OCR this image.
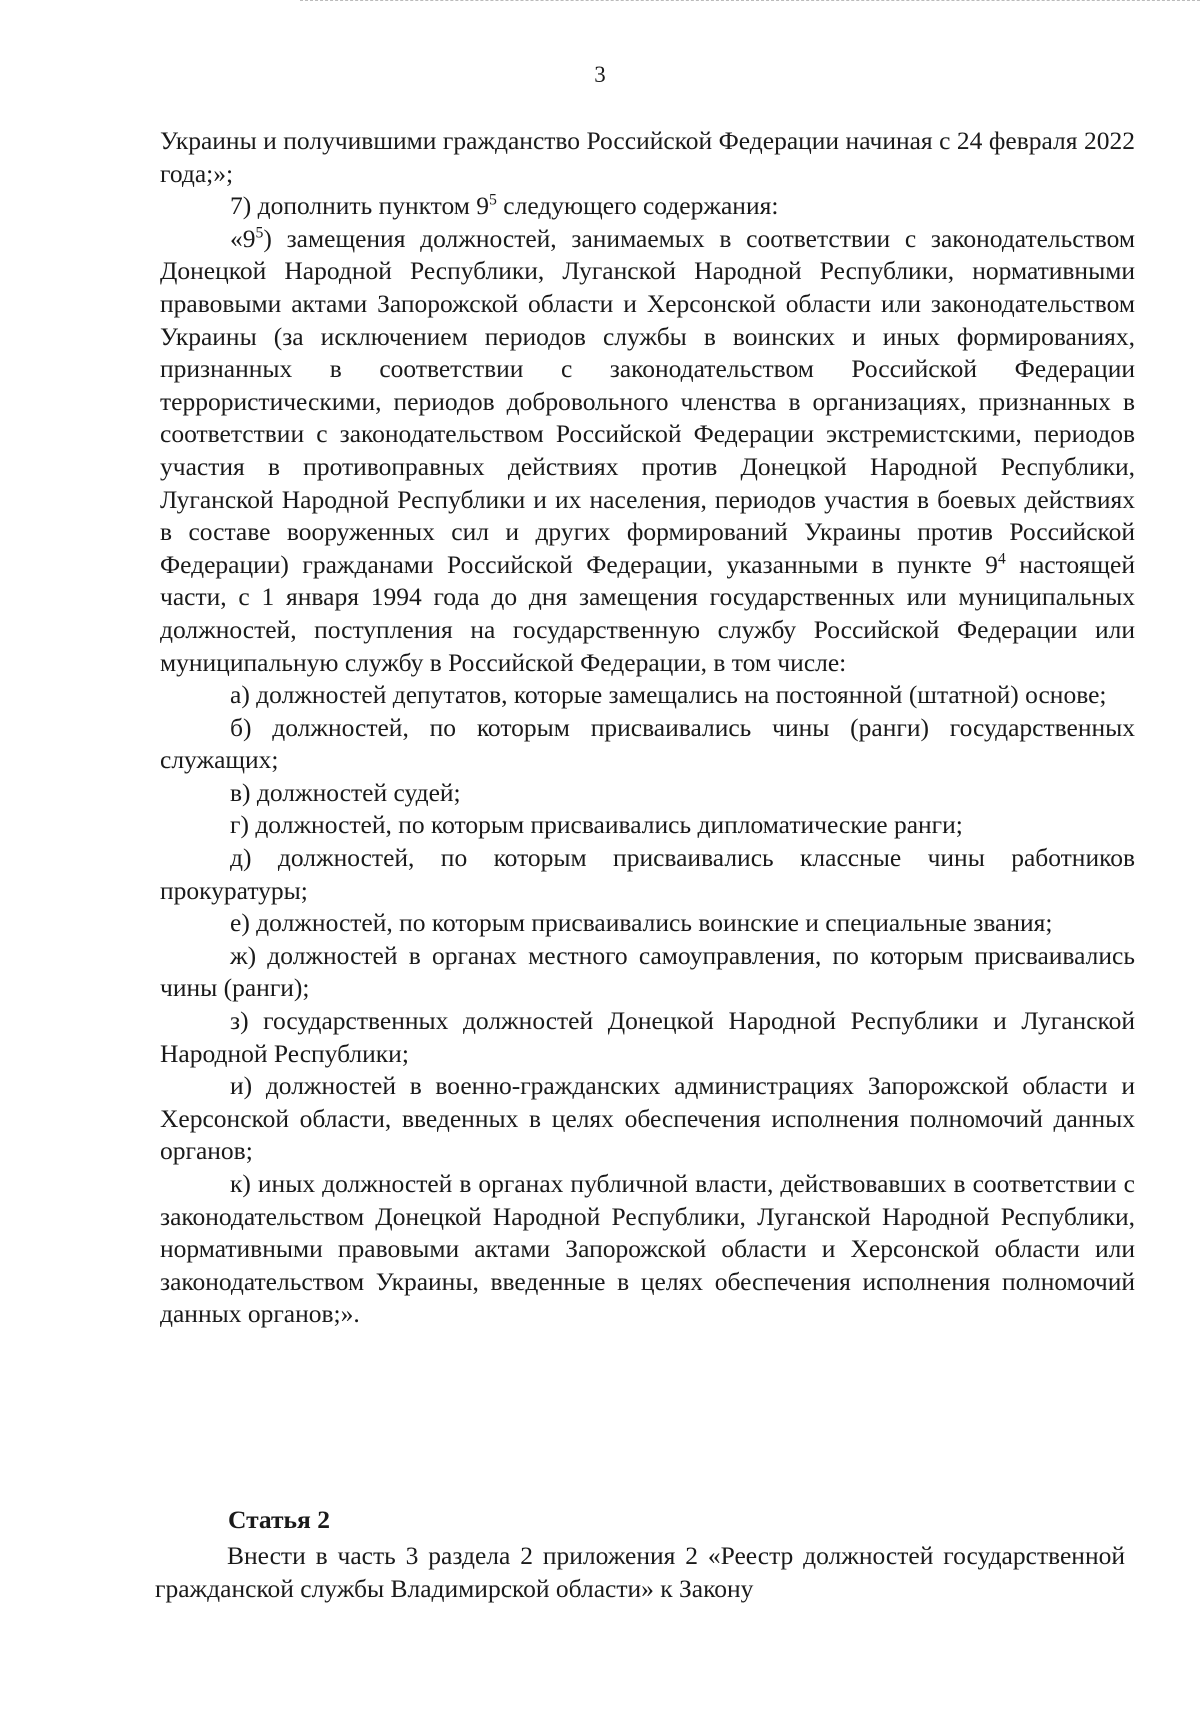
3

Украины и получившими гражданство Российской Федерации начиная с 24 февраля 2022 года;»;

7) дополнить пунктом $9^5$ следующего содержания:

«$9^5$) замещения должностей, занимаемых в соответствии с законодательством Донецкой Народной Республики, Луганской Народной Республики, нормативными правовыми актами Запорожской области и Херсонской области или законодательством Украины (за исключением периодов службы в воинских и иных формированиях, признанных в соответствии с законодательством Российской Федерации террористическими, периодов добровольного членства в организациях, признанных в соответствии с законодательством Российской Федерации экстремистскими, периодов участия в противоправных действиях против Донецкой Народной Республики, Луганской Народной Республики и их населения, периодов участия в боевых действиях в составе вооруженных сил и других формирований Украины против Российской Федерации) гражданами Российской Федерации, указанными в пункте $9^4$ настоящей части, с 1 января 1994 года до дня замещения государственных или муниципальных должностей, поступления на государственную службу Российской Федерации или муниципальную службу в Российской Федерации, в том числе:

а) должностей депутатов, которые замещались на постоянной (штатной) основе;

б) должностей, по которым присваивались чины (ранги) государственных служащих;

в) должностей судей;

г) должностей, по которым присваивались дипломатические ранги;

д) должностей, по которым присваивались классные чины работников прокуратуры;

е) должностей, по которым присваивались воинские и специальные звания;

ж) должностей в органах местного самоуправления, по которым присваивались чины (ранги);

з) государственных должностей Донецкой Народной Республики и Луганской Народной Республики;

и) должностей в военно-гражданских администрациях Запорожской области и Херсонской области, введенных в целях обеспечения исполнения полномочий данных органов;

к) иных должностей в органах публичной власти, действовавших в соответствии с законодательством Донецкой Народной Республики, Луганской Народной Республики, нормативными правовыми актами Запорожской области и Херсонской области или законодательством Украины, введенные в целях обеспечения исполнения полномочий данных органов;».

Статья 2

Внести в часть 3 раздела 2 приложения 2 «Реестр должностей государственной гражданской службы Владимирской области» к Закону
